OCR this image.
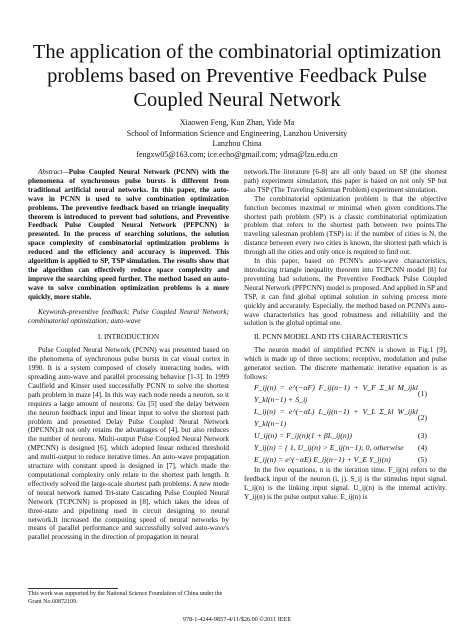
The application of the combinatorial optimization problems based on Preventive Feedback Pulse Coupled Neural Network
Xiaowen Feng, Kun Zhan, Yide Ma
School of Information Science and Engineering, Lanzhou University
Lanzhou China
fengxw05@163.com; ice.echo@gmail.com; ydma@lzu.edu.cn

Abstract—Pulse Coupled Neural Network (PCNN) with the phenomena of synchronous pulse bursts is different from traditional artificial neural networks. In this paper, the auto-wave in PCNN is used to solve combination optimization problems. The preventive feedback based on triangle inequality theorem is introduced to prevent bad solutions, and Preventive Feedback Pulse Coupled Neural Network (PFPCNN) is presented. In the process of searching solutions, the solution space complexity of combinatorial optimization problems is reduced and the efficiency and accuracy is improved. This algorithm is applied to SP, TSP simulation. The results show that the algorithm can effectively reduce space complexity and improve the searching speed further. The method based on auto-wave to solve combination optimization problems is a more quickly, more stable.

Keywords-preventive feedback; Pulse Coupled Neural Network; combinatorial optimization; auto-wave

I. INTRODUCTION

Pulse Coupled Neural Network (PCNN) was presented based on the phenomena of synchronous pulse bursts in cat visual cortex in 1990. It is a system composed of closely interacting nodes, with spreading auto-wave and parallel processing behavior [1-3]. In 1999 Caulfield and Kinser used successfully PCNN to solve the shortest path problem in maze [4]. In this way each node needs a neuron, so it requires a large amount of neurons. Gu [5] used the delay between the neuron feedback input and linear input to solve the shortest path problem and presented Delay Pulse Coupled Neural Network (DPCNN).It not only retains the advantages of [4], but also reduces the number of neurons. Multi-output Pulse Coupled Neural Network (MPCNN) is designed [6], which adopted linear reduced threshold and multi-output to reduce iterative times. An auto-wave propagation structure with constant speed is designed in [7], which made the computational complexity only relate to the shortest path length. It effectively solved the large-scale shortest path problems. A new mode of neural network named Tri-state Cascading Pulse Coupled Neural Network (TCPCNN) is proposed in [8], which takes the ideas of three-state and pipelining used in circuit designing to neural network.It increased the computing speed of neural networks by means of parallel performance and successfully solved auto-wave's parallel processing in the direction of propagation in neural

network.The literature [6-8] are all only based on SP (the shortest path) experiment simulation, this paper is based on not only SP but also TSP (The Traveling Saleman Problem) experiment simulation.

The combinatorial optimization problem is that the objective function becomes maximal or minimal when given conditions.The shortest path problem (SP) is a classic combinatorial optimization problem that refers to the shortest path between two points.The traveling salesman problem (TSP) is: if the number of cities is N, the distance between every two cities is known, the shortest path which is through all the cities and only once is required to find out.

In this paper, based on PCNN's auto-wave characteristics, introducing triangle inequality theorem into TCPCNN model [8] for preventing bad solutions, the Preventive Feedback Pulse Coupled Neural Network (PFPCNN) model is proposed. And applied in SP and TSP, it can find global optimal solution in solving process more quickly and accurately. Especially, the method based on PCNN's auto-wave characteristics has good robustness and reliability and the solution is the global optimal one.

II. PCNN MODEL AND ITS CHARACTERISTICS

The neuron model of simplified PCNN is shown in Fig.1 [9], which is made up of three sections: receptive, modulation and pulse generator section. The discrete mathematic iterative equation is as follows:

F_ij(n) = e^(−αF) F_ij(n−1) + V_F Σ_kl M_ijkl Y_kl(n−1) + S_ij
(1)
L_ij(n) = e^(−αL) L_ij(n−1) + V_L Σ_kl W_ijkl Y_kl(n−1)
(2)
U_ij(n) = F_ij(n)(1 + βL_ij(n))	(3)
Y_ij(n) = { 1, U_ij(n) > E_ij(n−1); 0, otherwise (4)
E_ij(n) = e^(−αE) E_ij(n−1) + V_E Y_ij(n)	(5)

In the five equations, n is the iteration time. F_ij(n) refers to the feedback input of the neuron (i, j). S_ij is the stimulus input signal. L_ij(n) is the linking input signal. U_ij(n) is the internal activity. Y_ij(n) is the pulse output value. E_ij(n) is

This work was supported by the National Science Foundation of China under the Grant No.60872109.
978-1-4244-9857-4/11/$26.00 ©2011 IEEE
